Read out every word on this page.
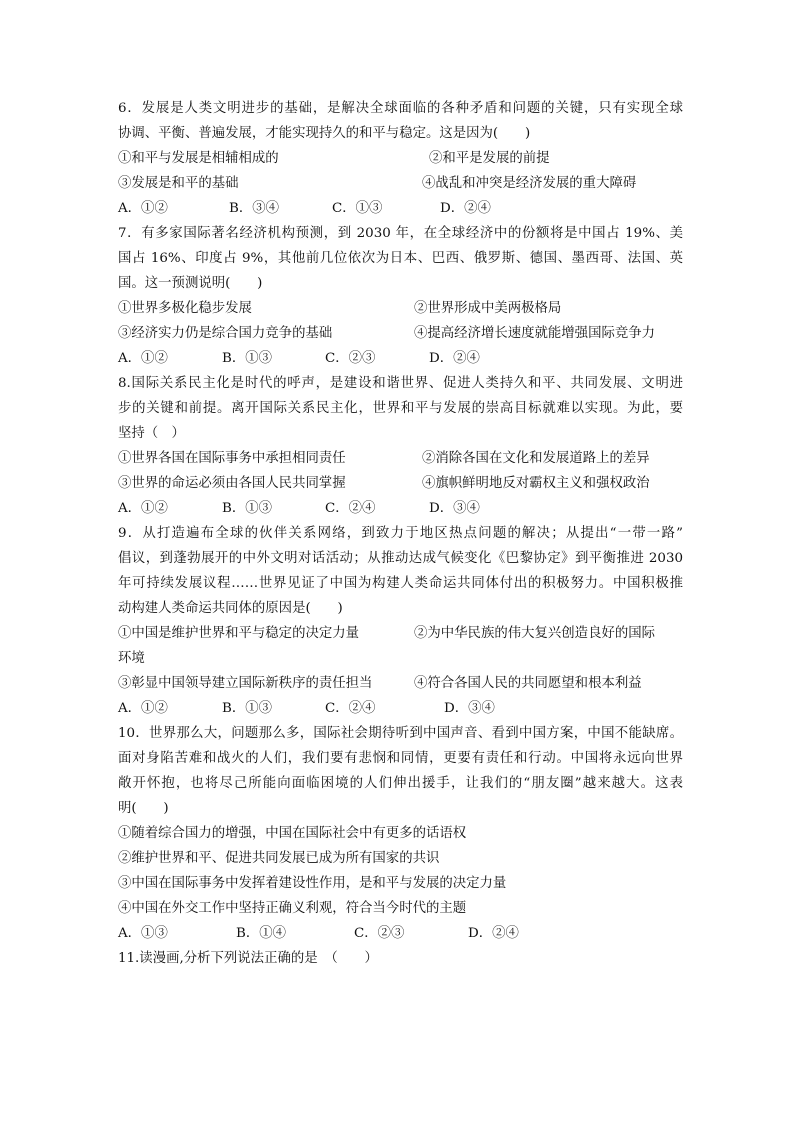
6．发展是人类文明进步的基础，是解决全球面临的各种矛盾和问题的关键，只有实现全球
协调、平衡、普遍发展，才能实现持久的和平与稳定。这是因为(　　)
①和平与发展是相辅相成的	②和平是发展的前提
③发展是和平的基础	④战乱和冲突是经济发展的重大障碍
A．①②	B．③④	C．①③	D．②④
7．有多家国际著名经济机构预测，到 2030 年，在全球经济中的份额将是中国占 19%、美
国占 16%、印度占 9%，其他前几位依次为日本、巴西、俄罗斯、德国、墨西哥、法国、英
国。这一预测说明(　　)
①世界多极化稳步发展	②世界形成中美两极格局
③经济实力仍是综合国力竞争的基础	④提高经济增长速度就能增强国际竞争力
A．①②	B．①③	C．②③	D．②④
8.国际关系民主化是时代的呼声，是建设和谐世界、促进人类持久和平、共同发展、文明进
步的关键和前提。离开国际关系民主化，世界和平与发展的崇高目标就难以实现。为此，要
坚持（　）
①世界各国在国际事务中承担相同责任	②消除各国在文化和发展道路上的差异
③世界的命运必须由各国人民共同掌握	④旗帜鲜明地反对霸权主义和强权政治
A．①②	B．①③	C．②④	D．③④
9．从打造遍布全球的伙伴关系网络，到致力于地区热点问题的解决；从提出“一带一路”
倡议，到蓬勃展开的中外文明对话活动；从推动达成气候变化《巴黎协定》到平衡推进 2030
年可持续发展议程……世界见证了中国为构建人类命运共同体付出的积极努力。中国积极推
动构建人类命运共同体的原因是(　　)
①中国是维护世界和平与稳定的决定力量	②为中华民族的伟大复兴创造良好的国际
环境
③彰显中国领导建立国际新秩序的责任担当	④符合各国人民的共同愿望和根本利益
A．①②	B．①③	C．②④	D．③④
10．世界那么大，问题那么多，国际社会期待听到中国声音、看到中国方案，中国不能缺席。
面对身陷苦难和战火的人们，我们要有悲悯和同情，更要有责任和行动。中国将永远向世界
敞开怀抱，也将尽己所能向面临困境的人们伸出援手，让我们的“朋友圈”越来越大。这表
明(　　)
①随着综合国力的增强，中国在国际社会中有更多的话语权
②维护世界和平、促进共同发展已成为所有国家的共识
③中国在国际事务中发挥着建设性作用，是和平与发展的决定力量
④中国在外交工作中坚持正确义利观，符合当今时代的主题
A．①③	B．①④	C．②③	D．②④
11.读漫画,分析下列说法正确的是　（　　）
